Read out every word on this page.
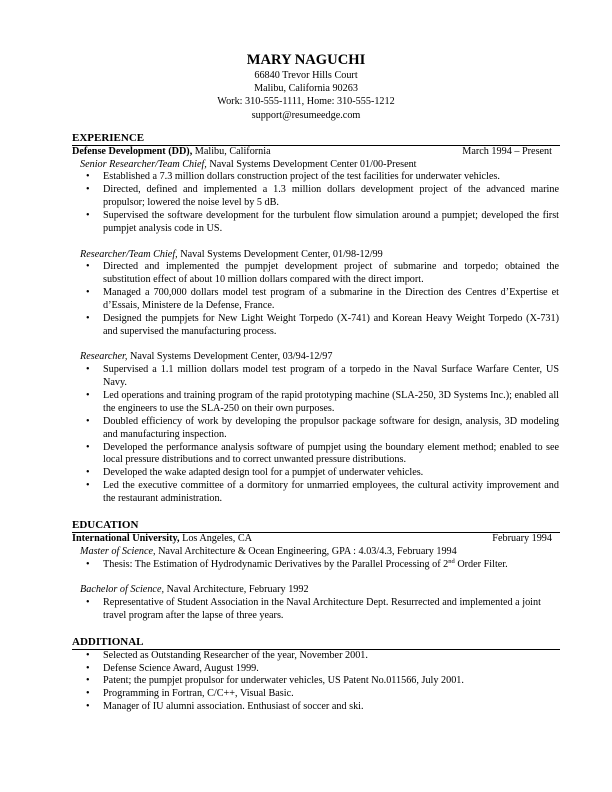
MARY NAGUCHI
66840 Trevor Hills Court
Malibu, California 90263
Work: 310-555-1111, Home: 310-555-1212
support@resumeedge.com
EXPERIENCE
Defense Development (DD), Malibu, California	March 1994 – Present
Senior Researcher/Team Chief, Naval Systems Development Center 01/00-Present
• Established a 7.3 million dollars construction project of the test facilities for underwater vehicles.
• Directed, defined and implemented a 1.3 million dollars development project of the advanced marine propulsor; lowered the noise level by 5 dB.
• Supervised the software development for the turbulent flow simulation around a pumpjet; developed the first pumpjet analysis code in US.
Researcher/Team Chief, Naval Systems Development Center, 01/98-12/99
• Directed and implemented the pumpjet development project of submarine and torpedo; obtained the substitution effect of about 10 million dollars compared with the direct import.
• Managed a 700,000 dollars model test program of a submarine in the Direction des Centres d’Expertise et d’Essais, Ministere de la Defense, France.
• Designed the pumpjets for New Light Weight Torpedo (X-741) and Korean Heavy Weight Torpedo (X-731) and supervised the manufacturing process.
Researcher, Naval Systems Development Center, 03/94-12/97
• Supervised a 1.1 million dollars model test program of a torpedo in the Naval Surface Warfare Center, US Navy.
• Led operations and training program of the rapid prototyping machine (SLA-250, 3D Systems Inc.); enabled all the engineers to use the SLA-250 on their own purposes.
• Doubled efficiency of work by developing the propulsor package software for design, analysis, 3D modeling and manufacturing inspection.
• Developed the performance analysis software of pumpjet using the boundary element method; enabled to see local pressure distributions and to correct unwanted pressure distributions.
• Developed the wake adapted design tool for a pumpjet of underwater vehicles.
• Led the executive committee of a dormitory for unmarried employees, the cultural activity improvement and the restaurant administration.
EDUCATION
International University, Los Angeles, CA	February 1994
Master of Science, Naval Architecture & Ocean Engineering, GPA : 4.03/4.3, February 1994
• Thesis: The Estimation of Hydrodynamic Derivatives by the Parallel Processing of 2nd Order Filter.
Bachelor of Science, Naval Architecture, February 1992
• Representative of Student Association in the Naval Architecture Dept. Resurrected and implemented a joint travel program after the lapse of three years.
ADDITIONAL
• Selected as Outstanding Researcher of the year, November 2001.
• Defense Science Award, August 1999.
• Patent; the pumpjet propulsor for underwater vehicles, US Patent No.011566, July 2001.
• Programming in Fortran, C/C++, Visual Basic.
• Manager of IU alumni association. Enthusiast of soccer and ski.
